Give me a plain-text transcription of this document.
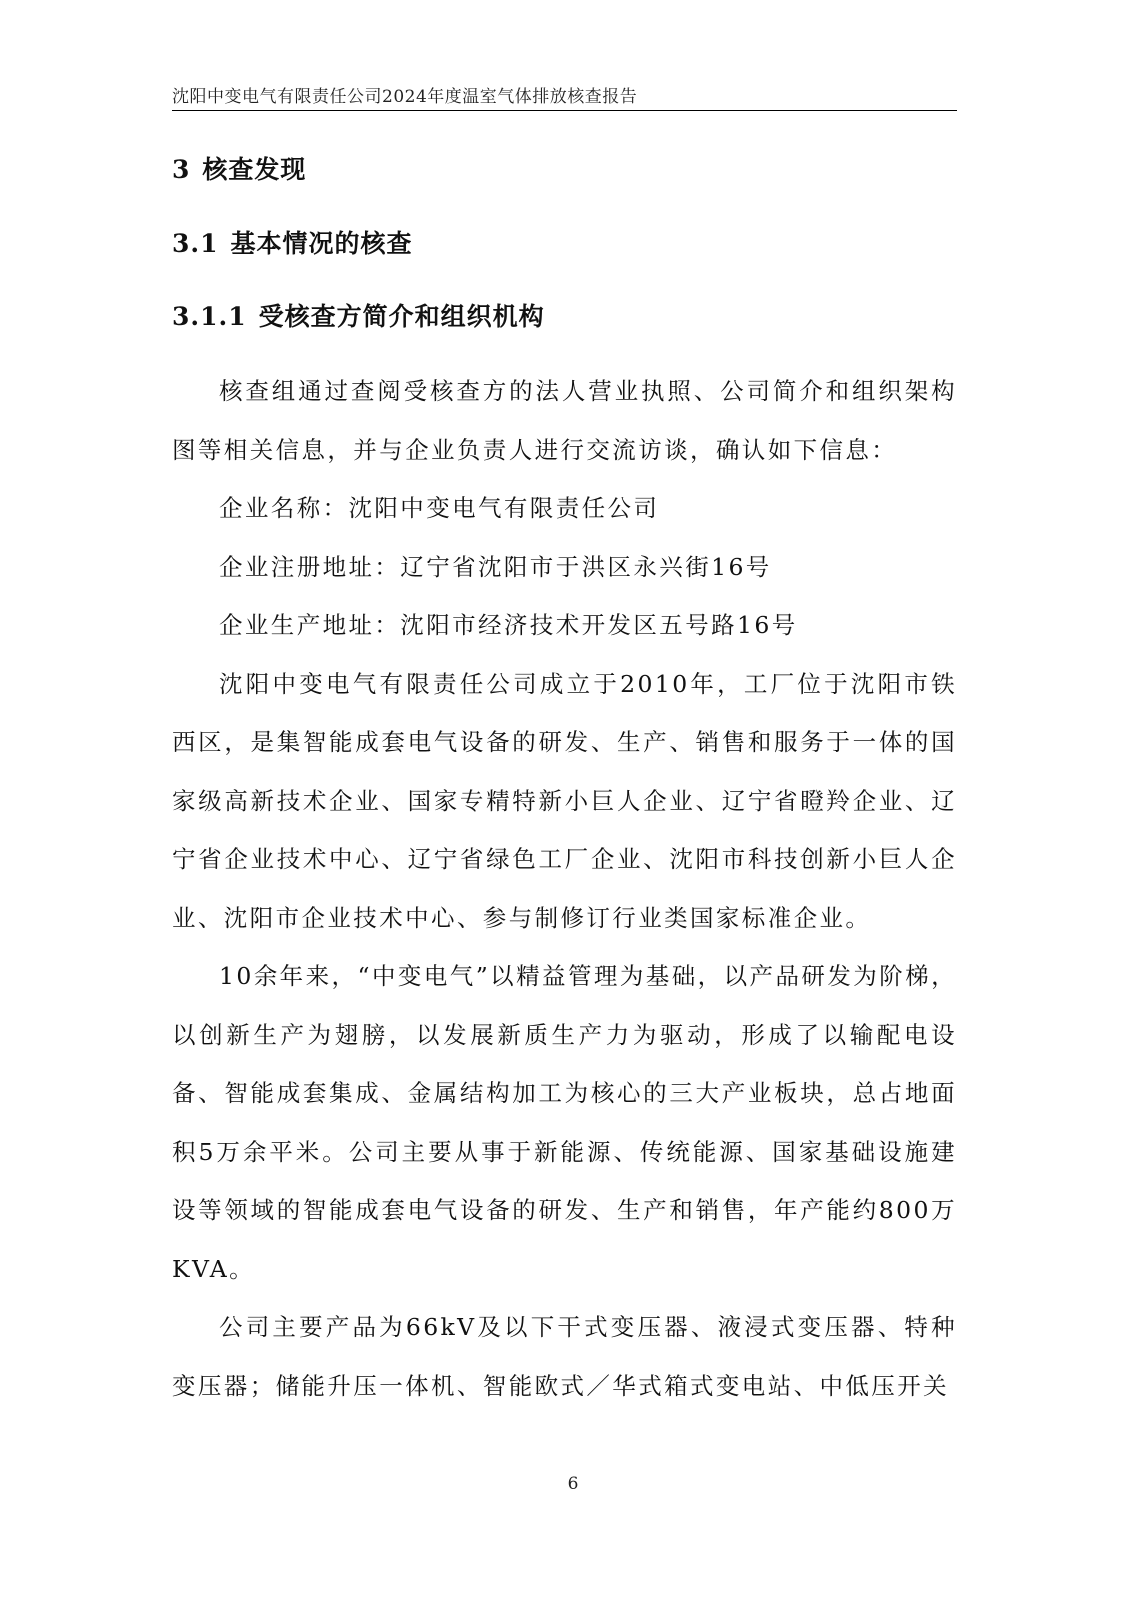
沈阳中变电气有限责任公司2024年度温室气体排放核查报告
3 核查发现
3.1 基本情况的核查
3.1.1 受核查方简介和组织机构

核查组通过查阅受核查方的法人营业执照、公司简介和组织架构图等相关信息，并与企业负责人进行交流访谈，确认如下信息：

企业名称：沈阳中变电气有限责任公司

企业注册地址：辽宁省沈阳市于洪区永兴街16号

企业生产地址：沈阳市经济技术开发区五号路16号

沈阳中变电气有限责任公司成立于2010年，工厂位于沈阳市铁西区，是集智能成套电气设备的研发、生产、销售和服务于一体的国家级高新技术企业、国家专精特新小巨人企业、辽宁省瞪羚企业、辽宁省企业技术中心、辽宁省绿色工厂企业、沈阳市科技创新小巨人企业、沈阳市企业技术中心、参与制修订行业类国家标准企业。

10余年来，“中变电气”以精益管理为基础，以产品研发为阶梯，以创新生产为翅膀，以发展新质生产力为驱动，形成了以输配电设备、智能成套集成、金属结构加工为核心的三大产业板块，总占地面积5万余平米。公司主要从事于新能源、传统能源、国家基础设施建设等领域的智能成套电气设备的研发、生产和销售，年产能约800万KVA。

公司主要产品为66kV及以下干式变压器、液浸式变压器、特种变压器；储能升压一体机、智能欧式／华式箱式变电站、中低压开关

6
